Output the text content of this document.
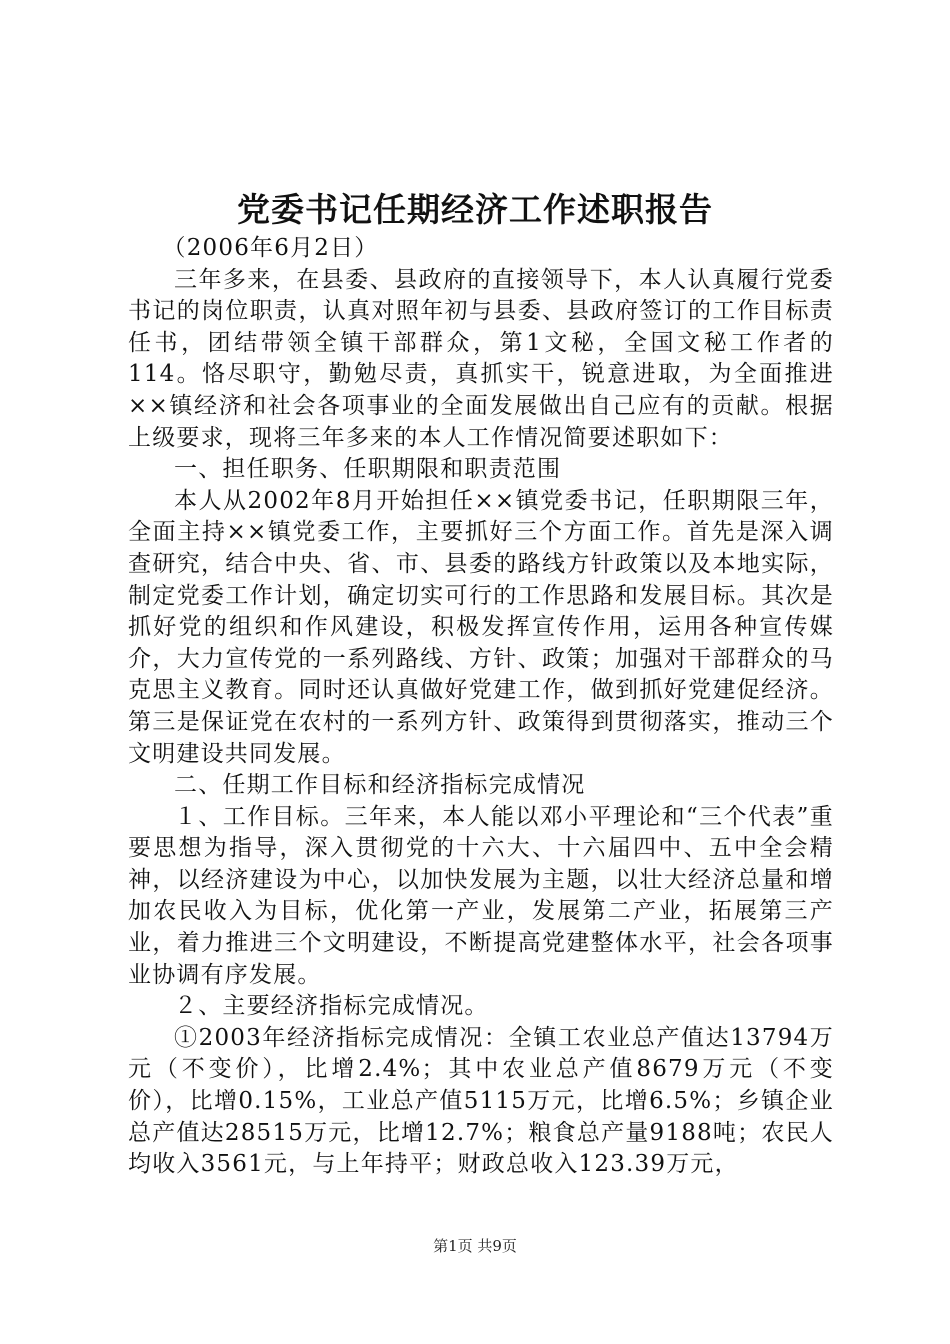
党委书记任期经济工作述职报告

（2006年6月2日）

三年多来，在县委、县政府的直接领导下，本人认真履行党委书记的岗位职责，认真对照年初与县委、县政府签订的工作目标责任书，团结带领全镇干部群众，第1文秘，全国文秘工作者的114。恪尽职守，勤勉尽责，真抓实干，锐意进取，为全面推进××镇经济和社会各项事业的全面发展做出自己应有的贡献。根据上级要求，现将三年多来的本人工作情况简要述职如下：

一、担任职务、任职期限和职责范围

本人从2002年8月开始担任××镇党委书记，任职期限三年，全面主持××镇党委工作，主要抓好三个方面工作。首先是深入调查研究，结合中央、省、市、县委的路线方针政策以及本地实际，制定党委工作计划，确定切实可行的工作思路和发展目标。其次是抓好党的组织和作风建设，积极发挥宣传作用，运用各种宣传媒介，大力宣传党的一系列路线、方针、政策；加强对干部群众的马克思主义教育。同时还认真做好党建工作，做到抓好党建促经济。第三是保证党在农村的一系列方针、政策得到贯彻落实，推动三个文明建设共同发展。

二、任期工作目标和经济指标完成情况

１、工作目标。三年来，本人能以邓小平理论和“三个代表”重要思想为指导，深入贯彻党的十六大、十六届四中、五中全会精神，以经济建设为中心，以加快发展为主题，以壮大经济总量和增加农民收入为目标，优化第一产业，发展第二产业，拓展第三产业，着力推进三个文明建设，不断提高党建整体水平，社会各项事业协调有序发展。

２、主要经济指标完成情况。

①2003年经济指标完成情况：全镇工农业总产值达13794万元（不变价），比增2.4%；其中农业总产值8679万元（不变价），比增0.15%，工业总产值5115万元，比增6.5%；乡镇企业总产值达28515万元，比增12.7%；粮食总产量9188吨；农民人均收入3561元，与上年持平；财政总收入123.39万元，

第1页 共9页
